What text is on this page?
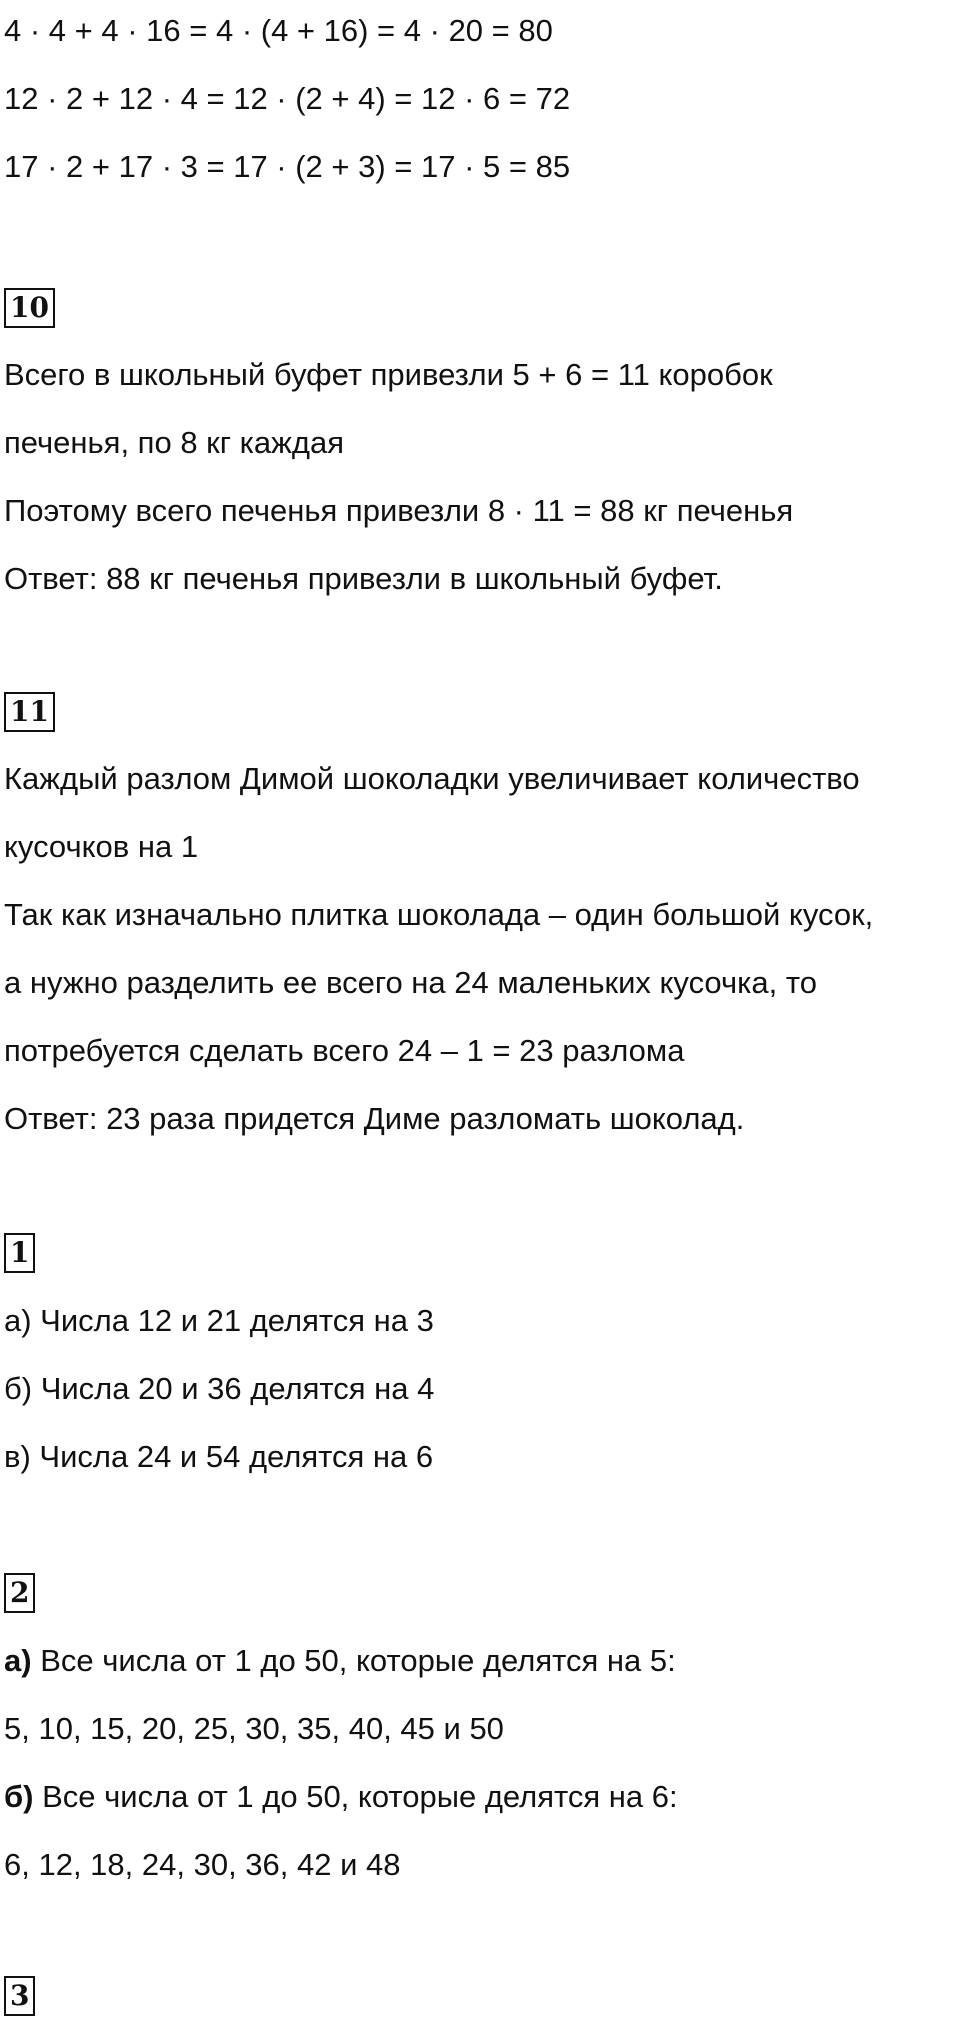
4 · 4 + 4 · 16 = 4 · (4 + 16) = 4 · 20 = 80
12 · 2 + 12 · 4 = 12 · (2 + 4) = 12 · 6 = 72
17 · 2 + 17 · 3 = 17 · (2 + 3) = 17 · 5 = 85
10
Всего в школьный буфет привезли 5 + 6 = 11 коробок
печенья, по 8 кг каждая
Поэтому всего печенья привезли 8 · 11 = 88 кг печенья
Ответ: 88 кг печенья привезли в школьный буфет.
11
Каждый разлом Димой шоколадки увеличивает количество
кусочков на 1
Так как изначально плитка шоколада – один большой кусок,
а нужно разделить ее всего на 24 маленьких кусочка, то
потребуется сделать всего 24 – 1 = 23 разлома
Ответ: 23 раза придется Диме разломать шоколад.
1
а) Числа 12 и 21 делятся на 3
б) Числа 20 и 36 делятся на 4
в) Числа 24 и 54 делятся на 6
2
а) Все числа от 1 до 50, которые делятся на 5:
5, 10, 15, 20, 25, 30, 35, 40, 45 и 50
б) Все числа от 1 до 50, которые делятся на 6:
6, 12, 18, 24, 30, 36, 42 и 48
3
